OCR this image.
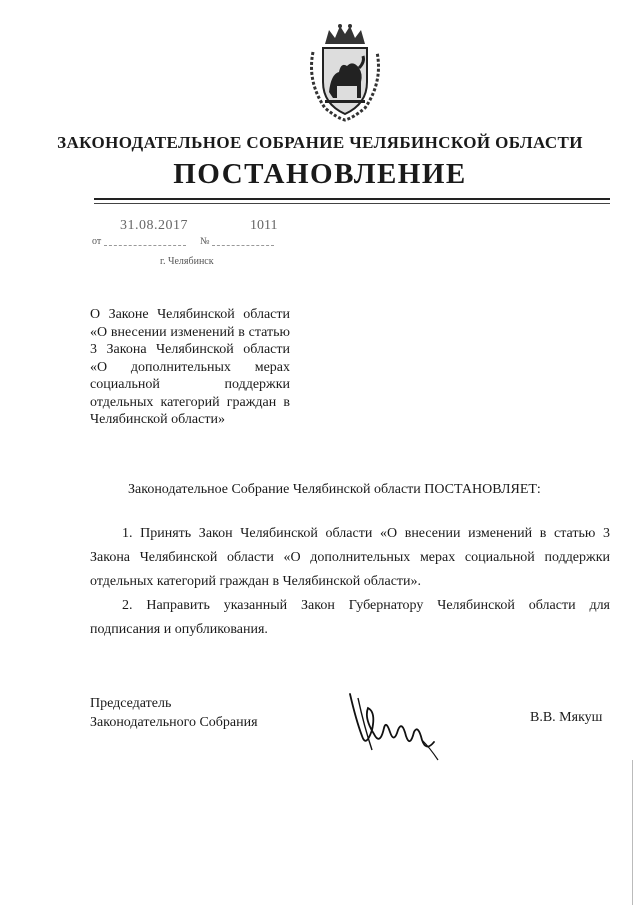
ЗАКОНОДАТЕЛЬНОЕ СОБРАНИЕ ЧЕЛЯБИНСКОЙ ОБЛАСТИ
ПОСТАНОВЛЕНИЕ
31.08.2017	1011
от	№
г. Челябинск
О Законе Челябинской области «О внесении изменений в статью 3 Закона Челябинской области «О дополнительных мерах социальной поддержки отдельных категорий граждан в Челябинской области»
Законодательное Собрание Челябинской области ПОСТАНОВЛЯЕТ:
1. Принять Закон Челябинской области «О внесении изменений в статью 3 Закона Челябинской области «О дополнительных мерах социальной поддержки отдельных категорий граждан в Челябинской области».
2. Направить указанный Закон Губернатору Челябинской области для подписания и опубликования.
Председатель
Законодательного Собрания	В.В. Мякуш
